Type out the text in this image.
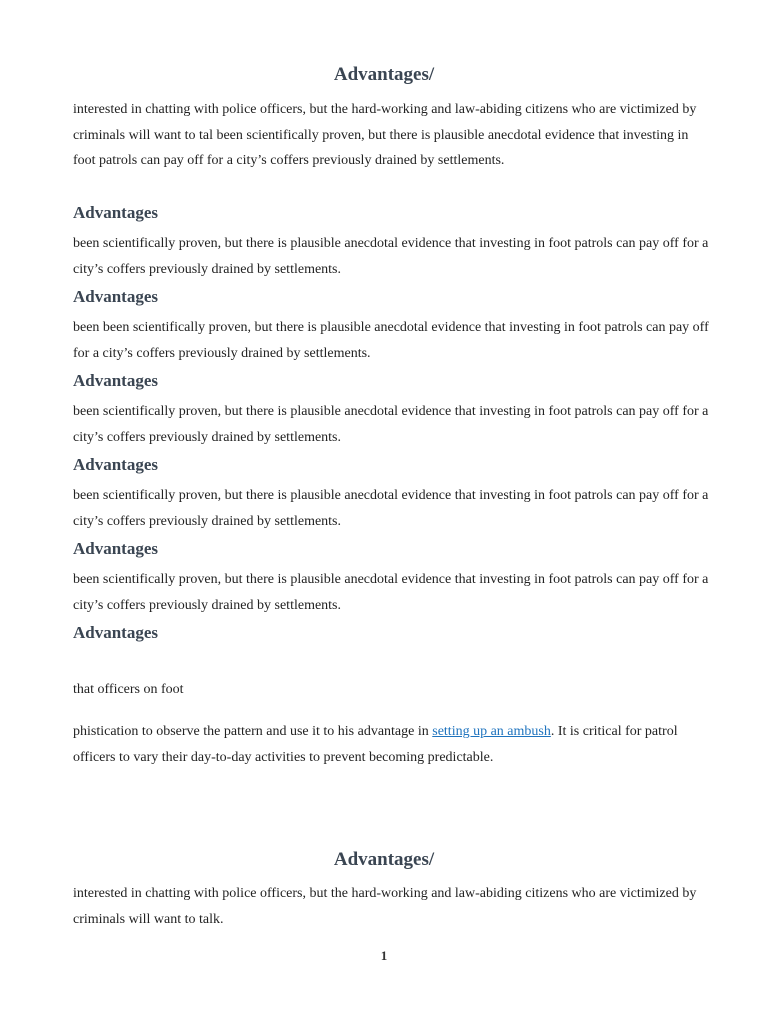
Advantages/
interested in chatting with police officers, but the hard-working and law-abiding citizens who are victimized by criminals will want to tal been scientifically proven, but there is plausible anecdotal evidence that investing in foot patrols can pay off for a city’s coffers previously drained by settlements.
Advantages
been scientifically proven, but there is plausible anecdotal evidence that investing in foot patrols can pay off for a city’s coffers previously drained by settlements.
Advantages
been been scientifically proven, but there is plausible anecdotal evidence that investing in foot patrols can pay off for a city’s coffers previously drained by settlements.
Advantages
been scientifically proven, but there is plausible anecdotal evidence that investing in foot patrols can pay off for a city’s coffers previously drained by settlements.
Advantages
been scientifically proven, but there is plausible anecdotal evidence that investing in foot patrols can pay off for a city’s coffers previously drained by settlements.
Advantages
been scientifically proven, but there is plausible anecdotal evidence that investing in foot patrols can pay off for a city’s coffers previously drained by settlements.
Advantages
that officers on foot
phistication to observe the pattern and use it to his advantage in setting up an ambush. It is critical for patrol officers to vary their day-to-day activities to prevent becoming predictable.
Advantages/
interested in chatting with police officers, but the hard-working and law-abiding citizens who are victimized by criminals will want to talk.
1
